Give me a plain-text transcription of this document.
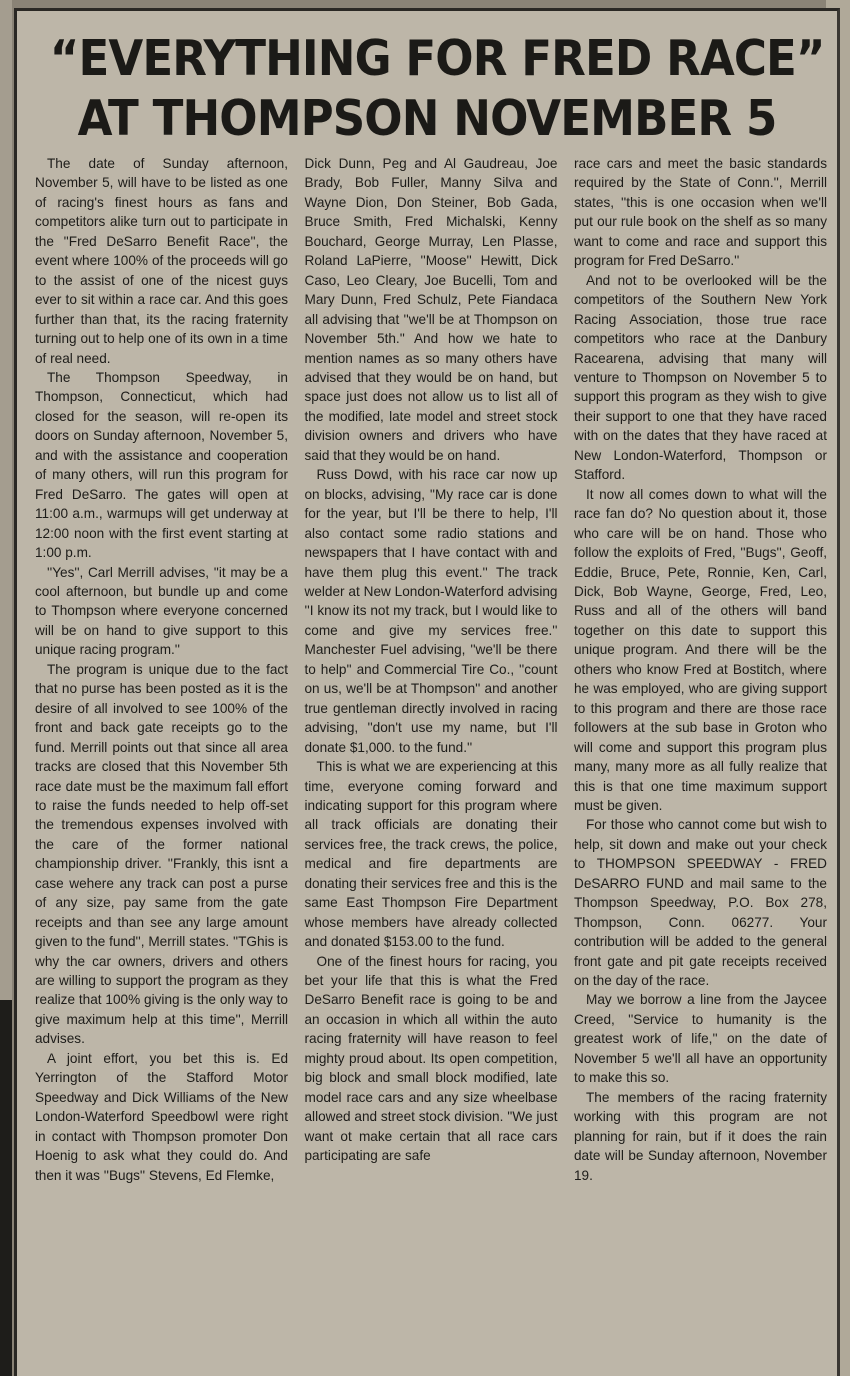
“EVERYTHING FOR FRED RACE”
AT THOMPSON NOVEMBER 5

The date of Sunday afternoon, November 5, will have to be listed as one of racing's finest hours as fans and competitors alike turn out to participate in the ''Fred DeSarro Benefit Race'', the event where 100% of the proceeds will go to the assist of one of the nicest guys ever to sit within a race car. And this goes further than that, its the racing fraternity turning out to help one of its own in a time of real need.

The Thompson Speedway, in Thompson, Connecticut, which had closed for the season, will re-open its doors on Sunday afternoon, November 5, and with the assistance and cooperation of many others, will run this program for Fred DeSarro. The gates will open at 11:00 a.m., warmups will get underway at 12:00 noon with the first event starting at 1:00 p.m.

''Yes'', Carl Merrill advises, ''it may be a cool afternoon, but bundle up and come to Thompson where everyone concerned will be on hand to give support to this unique racing program.''

The program is unique due to the fact that no purse has been posted as it is the desire of all involved to see 100% of the front and back gate receipts go to the fund. Merrill points out that since all area tracks are closed that this November 5th race date must be the maximum fall effort to raise the funds needed to help off-set the tremendous expenses involved with the care of the former national championship driver. ''Frankly, this isnt a case wehere any track can post a purse of any size, pay same from the gate receipts and than see any large amount given to the fund'', Merrill states. ''TGhis is why the car owners, drivers and others are willing to support the program as they realize that 100% giving is the only way to give maximum help at this time'', Merrill advises.

A joint effort, you bet this is. Ed Yerrington of the Stafford Motor Speedway and Dick Williams of the New London-Waterford Speedbowl were right in contact with Thompson promoter Don Hoenig to ask what they could do. And then it was ''Bugs'' Stevens, Ed Flemke,

Dick Dunn, Peg and Al Gaudreau, Joe Brady, Bob Fuller, Manny Silva and Wayne Dion, Don Steiner, Bob Gada, Bruce Smith, Fred Michalski, Kenny Bouchard, George Murray, Len Plasse, Roland LaPierre, ''Moose'' Hewitt, Dick Caso, Leo Cleary, Joe Bucelli, Tom and Mary Dunn, Fred Schulz, Pete Fiandaca all advising that ''we'll be at Thompson on November 5th.'' And how we hate to mention names as so many others have advised that they would be on hand, but space just does not allow us to list all of the modified, late model and street stock division owners and drivers who have said that they would be on hand.

Russ Dowd, with his race car now up on blocks, advising, ''My race car is done for the year, but I'll be there to help, I'll also contact some radio stations and newspapers that I have contact with and have them plug this event.'' The track welder at New London-Waterford advising ''I know its not my track, but I would like to come and give my services free.'' Manchester Fuel advising, ''we'll be there to help'' and Commercial Tire Co., ''count on us, we'll be at Thompson'' and another true gentleman directly involved in racing advising, ''don't use my name, but I'll donate $1,000. to the fund.''

This is what we are experiencing at this time, everyone coming forward and indicating support for this program where all track officials are donating their services free, the track crews, the police, medical and fire departments are donating their services free and this is the same East Thompson Fire Department whose members have already collected and donated $153.00 to the fund.

One of the finest hours for racing, you bet your life that this is what the Fred DeSarro Benefit race is going to be and an occasion in which all within the auto racing fraternity will have reason to feel mighty proud about. Its open competition, big block and small block modified, late model race cars and any size wheelbase allowed and street stock division. ''We just want ot make certain that all race cars participating are safe

race cars and meet the basic standards required by the State of Conn.'', Merrill states, ''this is one occasion when we'll put our rule book on the shelf as so many want to come and race and support this program for Fred DeSarro.''

And not to be overlooked will be the competitors of the Southern New York Racing Association, those true race competitors who race at the Danbury Racearena, advising that many will venture to Thompson on November 5 to support this program as they wish to give their support to one that they have raced with on the dates that they have raced at New London-Waterford, Thompson or Stafford.

It now all comes down to what will the race fan do? No question about it, those who care will be on hand. Those who follow the exploits of Fred, ''Bugs'', Geoff, Eddie, Bruce, Pete, Ronnie, Ken, Carl, Dick, Bob Wayne, George, Fred, Leo, Russ and all of the others will band together on this date to support this unique program. And there will be the others who know Fred at Bostitch, where he was employed, who are giving support to this program and there are those race followers at the sub base in Groton who will come and support this program plus many, many more as all fully realize that this is that one time maximum support must be given.

For those who cannot come but wish to help, sit down and make out your check to THOMPSON SPEEDWAY - FRED DeSARRO FUND and mail same to the Thompson Speedway, P.O. Box 278, Thompson, Conn. 06277. Your contribution will be added to the general front gate and pit gate receipts received on the day of the race.

May we borrow a line from the Jaycee Creed, ''Service to humanity is the greatest work of life,'' on the date of November 5 we'll all have an opportunity to make this so.

The members of the racing fraternity working with this program are not planning for rain, but if it does the rain date will be Sunday afternoon, November 19.
